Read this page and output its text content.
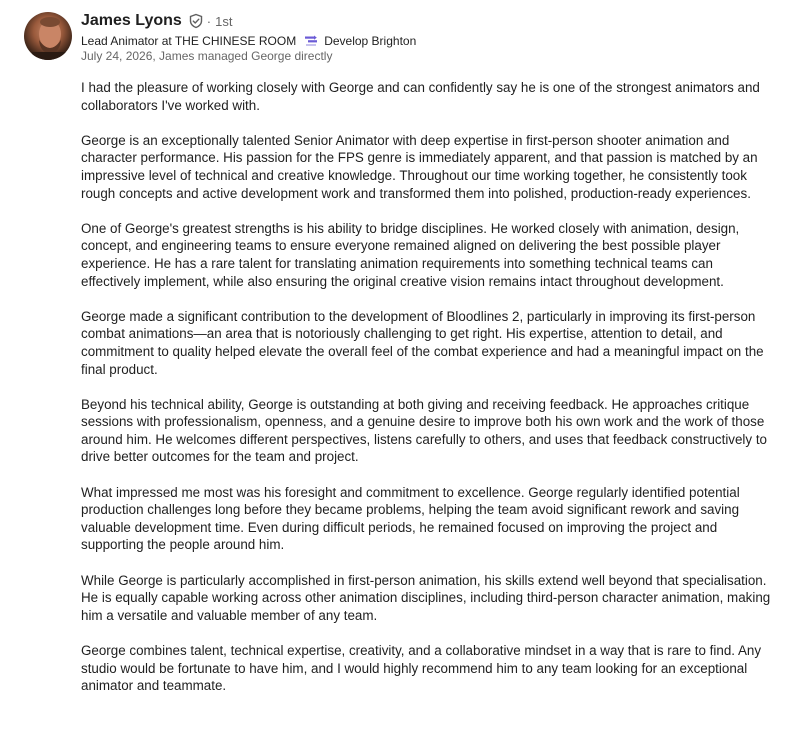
James Lyons · 1st
Lead Animator at THE CHINESE ROOM Develop Brighton
July 24, 2026, James managed George directly

I had the pleasure of working closely with George and can confidently say he is one of the strongest animators and collaborators I've worked with.

George is an exceptionally talented Senior Animator with deep expertise in first-person shooter animation and character performance. His passion for the FPS genre is immediately apparent, and that passion is matched by an impressive level of technical and creative knowledge. Throughout our time working together, he consistently took rough concepts and active development work and transformed them into polished, production-ready experiences.

One of George's greatest strengths is his ability to bridge disciplines. He worked closely with animation, design, concept, and engineering teams to ensure everyone remained aligned on delivering the best possible player experience. He has a rare talent for translating animation requirements into something technical teams can effectively implement, while also ensuring the original creative vision remains intact throughout development.

George made a significant contribution to the development of Bloodlines 2, particularly in improving its first-person combat animations—an area that is notoriously challenging to get right. His expertise, attention to detail, and commitment to quality helped elevate the overall feel of the combat experience and had a meaningful impact on the final product.

Beyond his technical ability, George is outstanding at both giving and receiving feedback. He approaches critique sessions with professionalism, openness, and a genuine desire to improve both his own work and the work of those around him. He welcomes different perspectives, listens carefully to others, and uses that feedback constructively to drive better outcomes for the team and project.

What impressed me most was his foresight and commitment to excellence. George regularly identified potential production challenges long before they became problems, helping the team avoid significant rework and saving valuable development time. Even during difficult periods, he remained focused on improving the project and supporting the people around him.

While George is particularly accomplished in first-person animation, his skills extend well beyond that specialisation. He is equally capable working across other animation disciplines, including third-person character animation, making him a versatile and valuable member of any team.

George combines talent, technical expertise, creativity, and a collaborative mindset in a way that is rare to find. Any studio would be fortunate to have him, and I would highly recommend him to any team looking for an exceptional animator and teammate.
